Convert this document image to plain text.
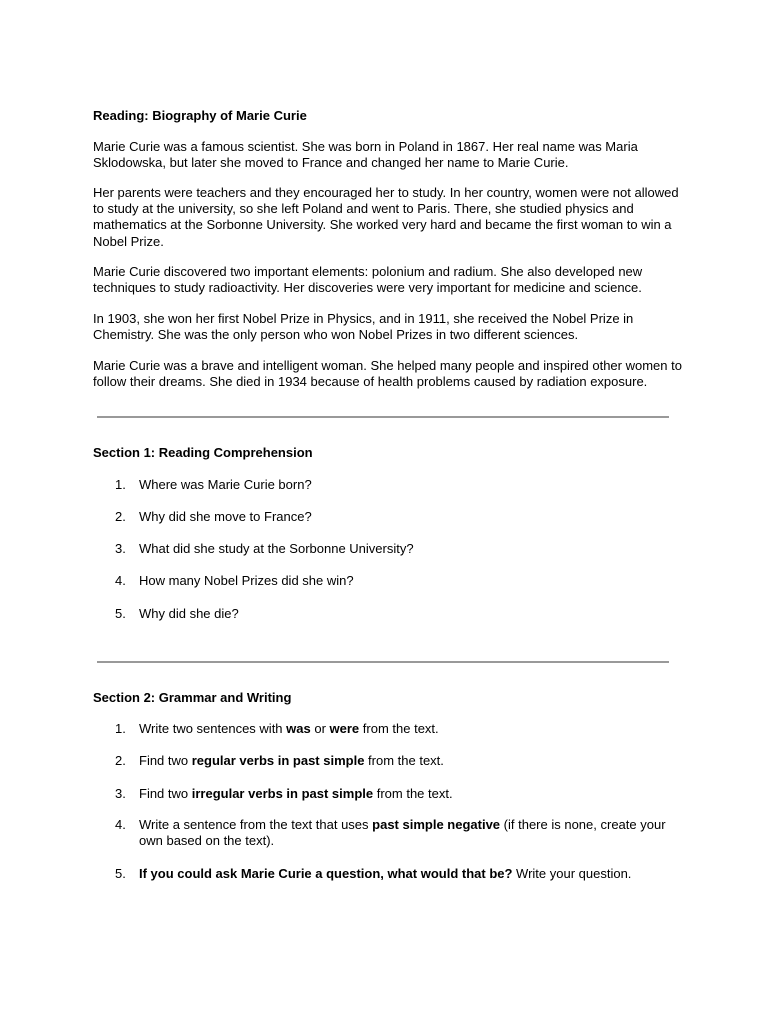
Reading: Biography of Marie Curie

Marie Curie was a famous scientist. She was born in Poland in 1867. Her real name was Maria Sklodowska, but later she moved to France and changed her name to Marie Curie.

Her parents were teachers and they encouraged her to study. In her country, women were not allowed to study at the university, so she left Poland and went to Paris. There, she studied physics and mathematics at the Sorbonne University. She worked very hard and became the first woman to win a Nobel Prize.

Marie Curie discovered two important elements: polonium and radium. She also developed new techniques to study radioactivity. Her discoveries were very important for medicine and science.

In 1903, she won her first Nobel Prize in Physics, and in 1911, she received the Nobel Prize in Chemistry. She was the only person who won Nobel Prizes in two different sciences.

Marie Curie was a brave and intelligent woman. She helped many people and inspired other women to follow their dreams. She died in 1934 because of health problems caused by radiation exposure.

Section 1: Reading Comprehension
1.	Where was Marie Curie born?
2.	Why did she move to France?
3.	What did she study at the Sorbonne University?
4.	How many Nobel Prizes did she win?
5.	Why did she die?
Section 2: Grammar and Writing
1.	Write two sentences with was or were from the text.
2.	Find two regular verbs in past simple from the text.
3.	Find two irregular verbs in past simple from the text.
4.	Write a sentence from the text that uses past simple negative (if there is none, create your own based on the text).
5.	If you could ask Marie Curie a question, what would that be? Write your question.
